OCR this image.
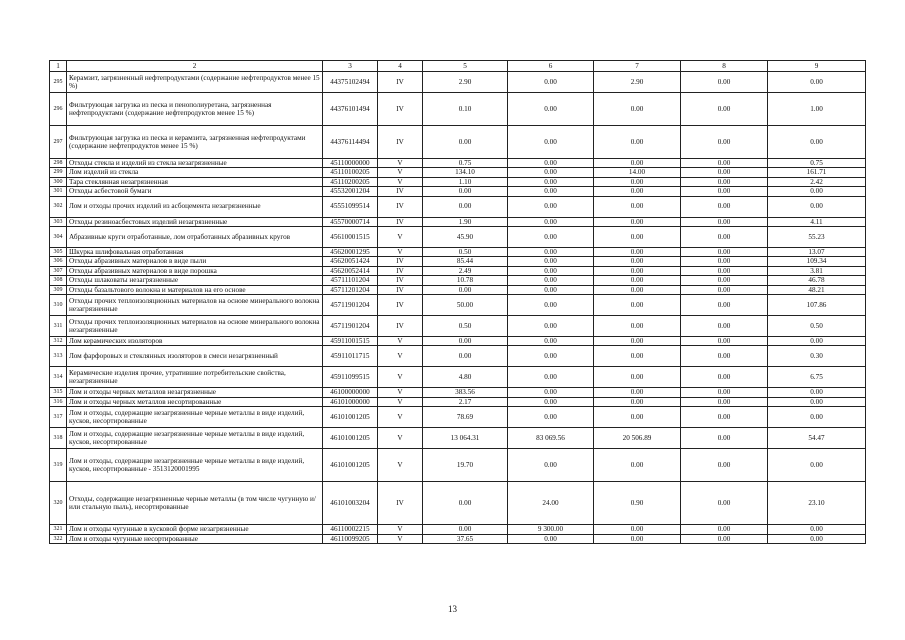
1	2	3	4	5	6	7	8	9
295	Керамзит, загрязненный нефтепродуктами (содержание нефтепродуктов менее 15 %)	44375102494	IV	2.90	0.00	2.90	0.00	0.00
296	Фильтрующая загрузка из песка и пенополиуретана, загрязненная нефтепродуктами (содержание нефтепродуктов менее 15 %)	44376101494	IV	0.10	0.00	0.00	0.00	1.00
297	Фильтрующая загрузка из песка и керамзита, загрязненная нефтепродуктами (содержание нефтепродуктов менее 15 %)	44376114494	IV	0.00	0.00	0.00	0.00	0.00
298	Отходы стекла и изделий из стекла незагрязненные	45110000000	V	0.75	0.00	0.00	0.00	0.75
299	Лом изделий из стекла	45110100205	V	134.10	0.00	14.00	0.00	161.71
300	Тара стеклянная незагрязненная	45110200205	V	1.10	0.00	0.00	0.00	2.42
301	Отходы асбестовой бумаги	45532001204	IV	0.00	0.00	0.00	0.00	0.00
302	Лом и отходы прочих изделий из асбоцемента незагрязненные	45551099514	IV	0.00	0.00	0.00	0.00	0.00
303	Отходы резиноасбестовых изделий незагрязненные	45570000714	IV	1.90	0.00	0.00	0.00	4.11
304	Абразивные круги отработанные, лом отработанных абразивных кругов	45610001515	V	45.90	0.00	0.00	0.00	55.23
305	Шкурка шлифовальная отработанная	45620001295	V	0.50	0.00	0.00	0.00	13.07
306	Отходы абразивных материалов в виде пыли	45620051424	IV	85.44	0.00	0.00	0.00	109.34
307	Отходы абразивных материалов в виде порошка	45620052414	IV	2.49	0.00	0.00	0.00	3.81
308	Отходы шлаковаты незагрязненные	45711101204	IV	10.78	0.00	0.00	0.00	46.78
309	Отходы базальтового волокна и материалов на его основе	45711201204	IV	0.00	0.00	0.00	0.00	48.21
310	Отходы прочих теплоизоляционных материалов на основе минерального волокна незагрязненные	45711901204	IV	50.00	0.00	0.00	0.00	107.86
311	Отходы прочих теплоизоляционных материалов на основе минерального волокна незагрязненные	45711901204	IV	0.50	0.00	0.00	0.00	0.50
312	Лом керамических изоляторов	45911001515	V	0.00	0.00	0.00	0.00	0.00
313	Лом фарфоровых и стеклянных изоляторов в смеси незагрязненный	45911011715	V	0.00	0.00	0.00	0.00	0.30
314	Керамические изделия прочие, утратившие потребительские свойства, незагрязненные	45911099515	V	4.80	0.00	0.00	0.00	6.75
315	Лом и отходы черных металлов незагрязненные	46100000000	V	383.56	0.00	0.00	0.00	0.00
316	Лом и отходы черных металлов несортированные	46101000000	V	2.17	0.00	0.00	0.00	0.00
317	Лом и отходы, содержащие незагрязненные черные металлы в виде изделий, кусков, несортированные	46101001205	V	78.69	0.00	0.00	0.00	0.00
318	Лом и отходы, содержащие незагрязненные черные металлы в виде изделий, кусков, несортированные	46101001205	V	13 064.31	83 069.56	20 506.89	0.00	54.47
319	Лом и отходы, содержащие незагрязненные черные металлы в виде изделий, кусков, несортированные - 3513120001995	46101001205	V	19.70	0.00	0.00	0.00	0.00
320	Отходы, содержащие незагрязненные черные металлы (в том числе чугунную и/или стальную пыль), несортированные	46101003204	IV	0.00	24.00	0.90	0.00	23.10
321	Лом и отходы чугунные в кусковой форме незагрязненные	46110002215	V	0.00	9 300.00	0.00	0.00	0.00
322	Лом и отходы чугунные несортированные	46110099205	V	37.65	0.00	0.00	0.00	0.00
13
